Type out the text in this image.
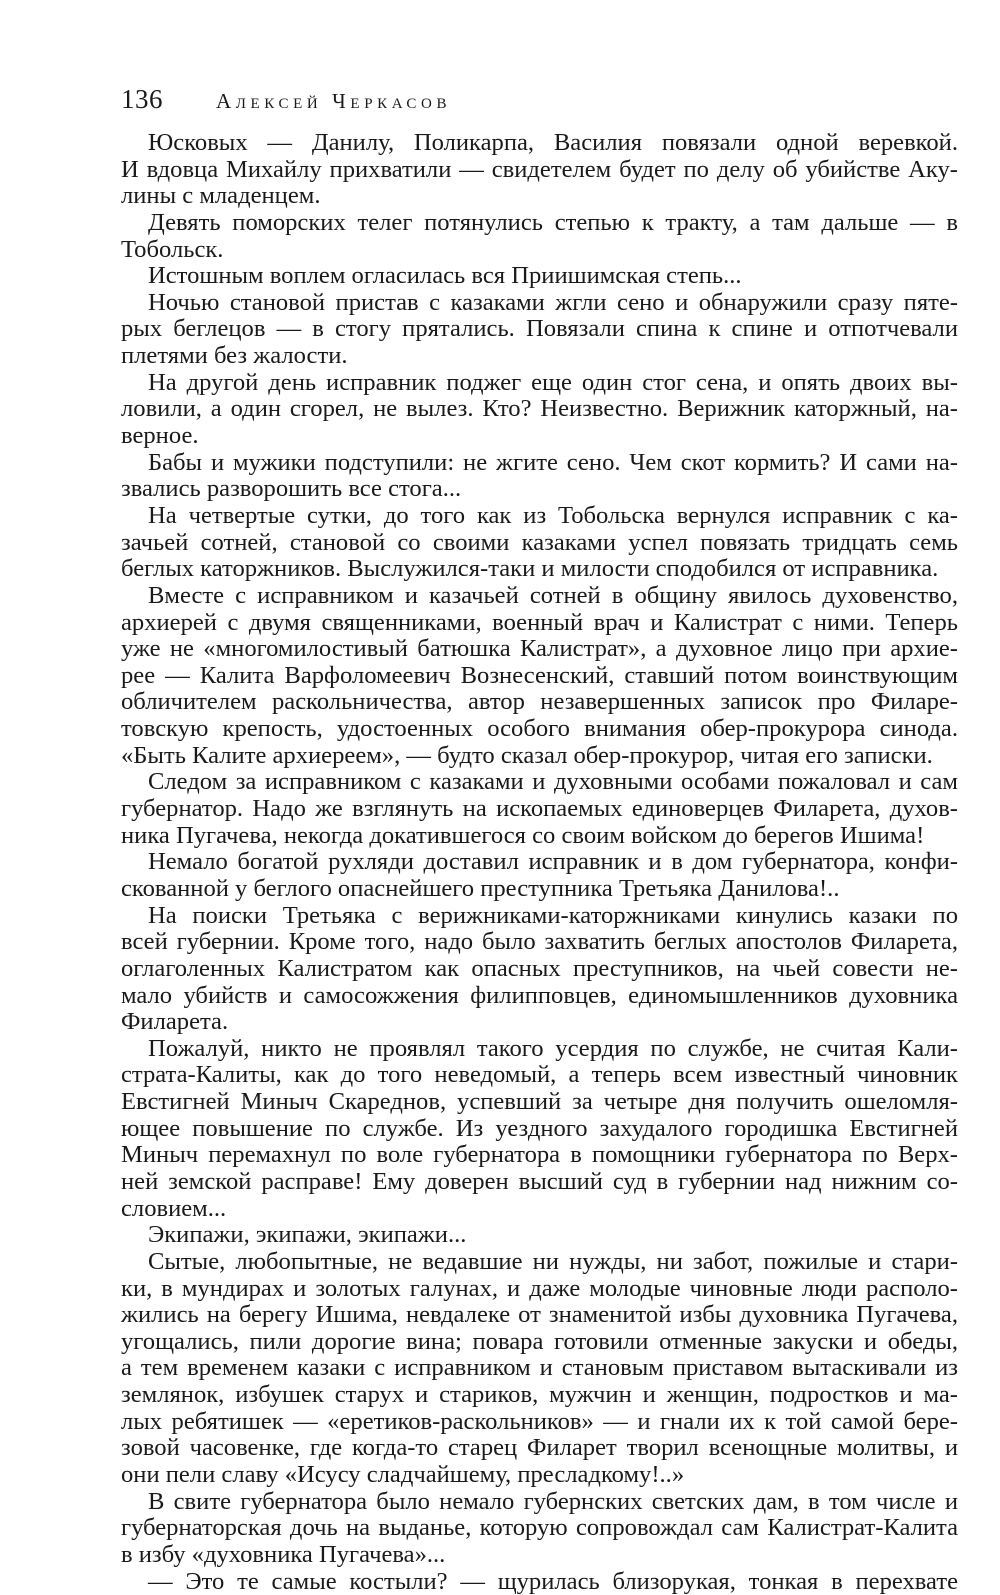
136	Алексей Черкасов
Юсковых — Данилу, Поликарпа, Василия повязали одной веревкой.
И вдовца Михайлу прихватили — свидетелем будет по делу об убийстве Аку-
лины с младенцем.
Девять поморских телег потянулись степью к тракту, а там дальше — в
Тобольск.
Истошным воплем огласилась вся Приишимская степь...
Ночью становой пристав с казаками жгли сено и обнаружили сразу пяте-
рых беглецов — в стогу прятались. Повязали спина к спине и отпотчевали
плетями без жалости.
На другой день исправник поджег еще один стог сена, и опять двоих вы-
ловили, а один сгорел, не вылез. Кто? Неизвестно. Верижник каторжный, на-
верное.
Бабы и мужики подступили: не жгите сено. Чем скот кормить? И сами на-
звались разворошить все стога...
На четвертые сутки, до того как из Тобольска вернулся исправник с ка-
зачьей сотней, становой со своими казаками успел повязать тридцать семь
беглых каторжников. Выслужился-таки и милости сподобился от исправника.
Вместе с исправником и казачьей сотней в общину явилось духовенство,
архиерей с двумя священниками, военный врач и Калистрат с ними. Теперь
уже не «многомилостивый батюшка Калистрат», а духовное лицо при архие-
рее — Калита Варфоломеевич Вознесенский, ставший потом воинствующим
обличителем раскольничества, автор незавершенных записок про Филаре-
товскую крепость, удостоенных особого внимания обер-прокурора синода.
«Быть Калите архиереем», — будто сказал обер-прокурор, читая его записки.
Следом за исправником с казаками и духовными особами пожаловал и сам
губернатор. Надо же взглянуть на ископаемых единоверцев Филарета, духов-
ника Пугачева, некогда докатившегося со своим войском до берегов Ишима!
Немало богатой рухляди доставил исправник и в дом губернатора, конфи-
скованной у беглого опаснейшего преступника Третьяка Данилова!..
На поиски Третьяка с верижниками-каторжниками кинулись казаки по
всей губернии. Кроме того, надо было захватить беглых апостолов Филарета,
оглаголенных Калистратом как опасных преступников, на чьей совести не-
мало убийств и самосожжения филипповцев, единомышленников духовника
Филарета.
Пожалуй, никто не проявлял такого усердия по службе, не считая Кали-
страта-Калиты, как до того неведомый, а теперь всем известный чиновник
Евстигней Миныч Скареднов, успевший за четыре дня получить ошеломля-
ющее повышение по службе. Из уездного захудалого городишка Евстигней
Миныч перемахнул по воле губернатора в помощники губернатора по Верх-
ней земской расправе! Ему доверен высший суд в губернии над нижним со-
словием...
Экипажи, экипажи, экипажи...
Сытые, любопытные, не ведавшие ни нужды, ни забот, пожилые и стари-
ки, в мундирах и золотых галунах, и даже молодые чиновные люди располо-
жились на берегу Ишима, невдалеке от знаменитой избы духовника Пугачева,
угощались, пили дорогие вина; повара готовили отменные закуски и обеды,
а тем временем казаки с исправником и становым приставом вытаскивали из
землянок, избушек старух и стариков, мужчин и женщин, подростков и ма-
лых ребятишек — «еретиков-раскольников» — и гнали их к той самой бере-
зовой часовенке, где когда-то старец Филарет творил всенощные молитвы, и
они пели славу «Исусу сладчайшему, пресладкому!..»
В свите губернатора было немало губернских светских дам, в том числе и
губернаторская дочь на выданье, которую сопровождал сам Калистрат-Калита
в избу «духовника Пугачева»...
— Это те самые костыли? — щурилась близорукая, тонкая в перехвате
